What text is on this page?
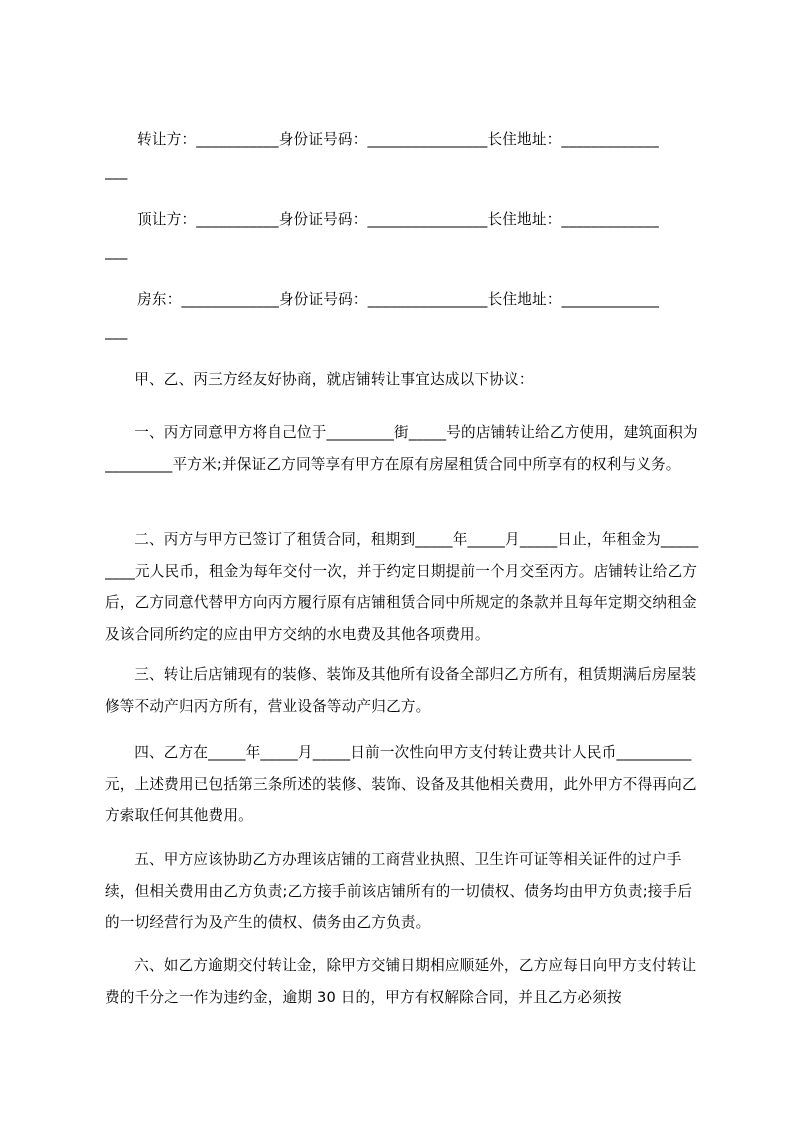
转让方：___________身份证号码：________________长住地址：_____________
___
顶让方：___________身份证号码：________________长住地址：_____________
___
房东：_____________身份证号码：________________长住地址：_____________
___
甲、乙、丙三方经友好协商，就店铺转让事宜达成以下协议：
一、丙方同意甲方将自己位于_________街_____号的店铺转让给乙方使用，建筑面积为_________平方米;并保证乙方同等享有甲方在原有房屋租赁合同中所享有的权利与义务。
二、丙方与甲方已签订了租赁合同，租期到_____年_____月_____日止，年租金为_________元人民币，租金为每年交付一次，并于约定日期提前一个月交至丙方。店铺转让给乙方后，乙方同意代替甲方向丙方履行原有店铺租赁合同中所规定的条款并且每年定期交纳租金及该合同所约定的应由甲方交纳的水电费及其他各项费用。
三、转让后店铺现有的装修、装饰及其他所有设备全部归乙方所有，租赁期满后房屋装修等不动产归丙方所有，营业设备等动产归乙方。
四、乙方在_____年_____月_____日前一次性向甲方支付转让费共计人民币__________元，上述费用已包括第三条所述的装修、装饰、设备及其他相关费用，此外甲方不得再向乙方索取任何其他费用。
五、甲方应该协助乙方办理该店铺的工商营业执照、卫生许可证等相关证件的过户手续，但相关费用由乙方负责;乙方接手前该店铺所有的一切债权、债务均由甲方负责;接手后的一切经营行为及产生的债权、债务由乙方负责。
六、如乙方逾期交付转让金，除甲方交铺日期相应顺延外，乙方应每日向甲方支付转让费的千分之一作为违约金，逾期 30 日的，甲方有权解除合同，并且乙方必须按
